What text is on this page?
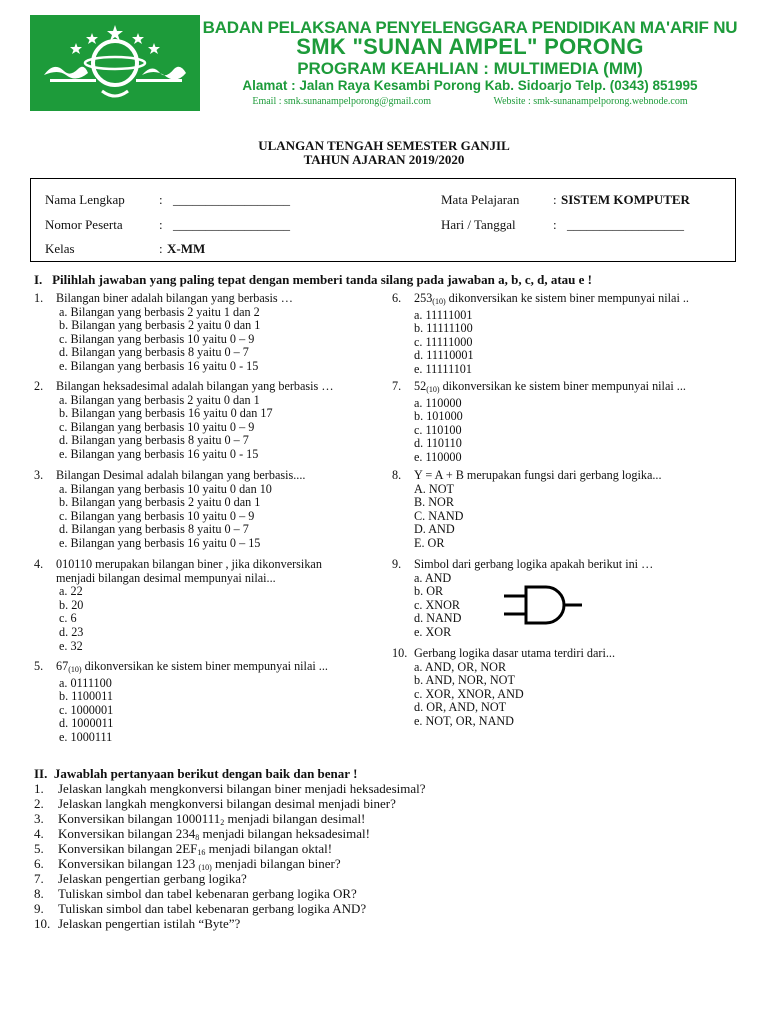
BADAN PELAKSANA PENYELENGGARA PENDIDIKAN MA'ARIF NU
SMK "SUNAN AMPEL" PORONG
PROGRAM KEAHLIAN : MULTIMEDIA (MM)
Alamat : Jalan Raya Kesambi Porong Kab. Sidoarjo Telp. (0343) 851995
Email : smk.sunanampelporong@gmail.com	Website : smk-sunanampelporong.webnode.com
ULANGAN TENGAH SEMESTER GANJIL
TAHUN AJARAN 2019/2020
Nama Lengkap	: __________________
Nomor Peserta	: __________________
Kelas	: X-MM
Mata Pelajaran	: SISTEM KOMPUTER
Hari / Tanggal	: __________________
I. Pilihlah jawaban yang paling tepat dengan memberi tanda silang pada jawaban a, b, c, d, atau e !
1.	Bilangan biner adalah bilangan yang berbasis …
a. Bilangan yang berbasis 2 yaitu 1 dan 2
b. Bilangan yang berbasis 2 yaitu 0 dan 1
c. Bilangan yang berbasis 10 yaitu 0 – 9
d. Bilangan yang berbasis 8 yaitu 0 – 7
e. Bilangan yang berbasis 16 yaitu 0 - 15
2.	Bilangan heksadesimal adalah bilangan yang berbasis …
a. Bilangan yang berbasis 2 yaitu 0 dan 1
b. Bilangan yang berbasis 16 yaitu 0 dan 17
c. Bilangan yang berbasis 10 yaitu 0 – 9
d. Bilangan yang berbasis 8 yaitu 0 – 7
e. Bilangan yang berbasis 16 yaitu 0 - 15
3.	Bilangan Desimal adalah bilangan yang berbasis....
a. Bilangan yang berbasis 10 yaitu 0 dan 10
b. Bilangan yang berbasis 2 yaitu 0 dan 1
c. Bilangan yang berbasis 10 yaitu 0 – 9
d. Bilangan yang berbasis 8 yaitu 0 – 7
e. Bilangan yang berbasis 16 yaitu 0 – 15
4.	010110 merupakan bilangan biner , jika dikonversikan
menjadi bilangan desimal mempunyai nilai...
a. 22
b. 20
c. 6
d. 23
e. 32
5.	$67_{(10)}$ dikonversikan ke sistem biner mempunyai nilai ...
a. 0111100
b. 1100011
c. 1000001
d. 1000011
e. 1000111
6.	$253_{(10)}$ dikonversikan ke sistem biner mempunyai nilai ..
a. 11111001
b. 11111100
c. 11111000
d. 11110001
e. 11111101
7.	$52_{(10)}$ dikonversikan ke sistem biner mempunyai nilai ...
a. 110000
b. 101000
c. 110100
d. 110110
e. 110000
8.	Y = A + B merupakan fungsi dari gerbang logika...
A. NOT
B. NOR
C. NAND
D. AND
E. OR
9.	Simbol dari gerbang logika apakah berikut ini …
a. AND
b. OR
c. XNOR
d. NAND
e. XOR
10. Gerbang logika dasar utama terdiri dari...
a. AND, OR, NOR
b. AND, NOR, NOT
c. XOR, XNOR, AND
d. OR, AND, NOT
e. NOT, OR, NAND
II. Jawablah pertanyaan berikut dengan baik dan benar !
1. Jelaskan langkah mengkonversi bilangan biner menjadi heksadesimal?
2. Jelaskan langkah mengkonversi bilangan desimal menjadi biner?
3. Konversikan bilangan $1000111_2$ menjadi bilangan desimal!
4. Konversikan bilangan $234_8$ menjadi bilangan heksadesimal!
5. Konversikan bilangan $2EF_{16}$ menjadi bilangan oktal!
6. Konversikan bilangan 123 $_{(10)}$ menjadi bilangan biner?
7. Jelaskan pengertian gerbang logika?
8. Tuliskan simbol dan tabel kebenaran gerbang logika OR?
9. Tuliskan simbol dan tabel kebenaran gerbang logika AND?
10. Jelaskan pengertian istilah “Byte”?
